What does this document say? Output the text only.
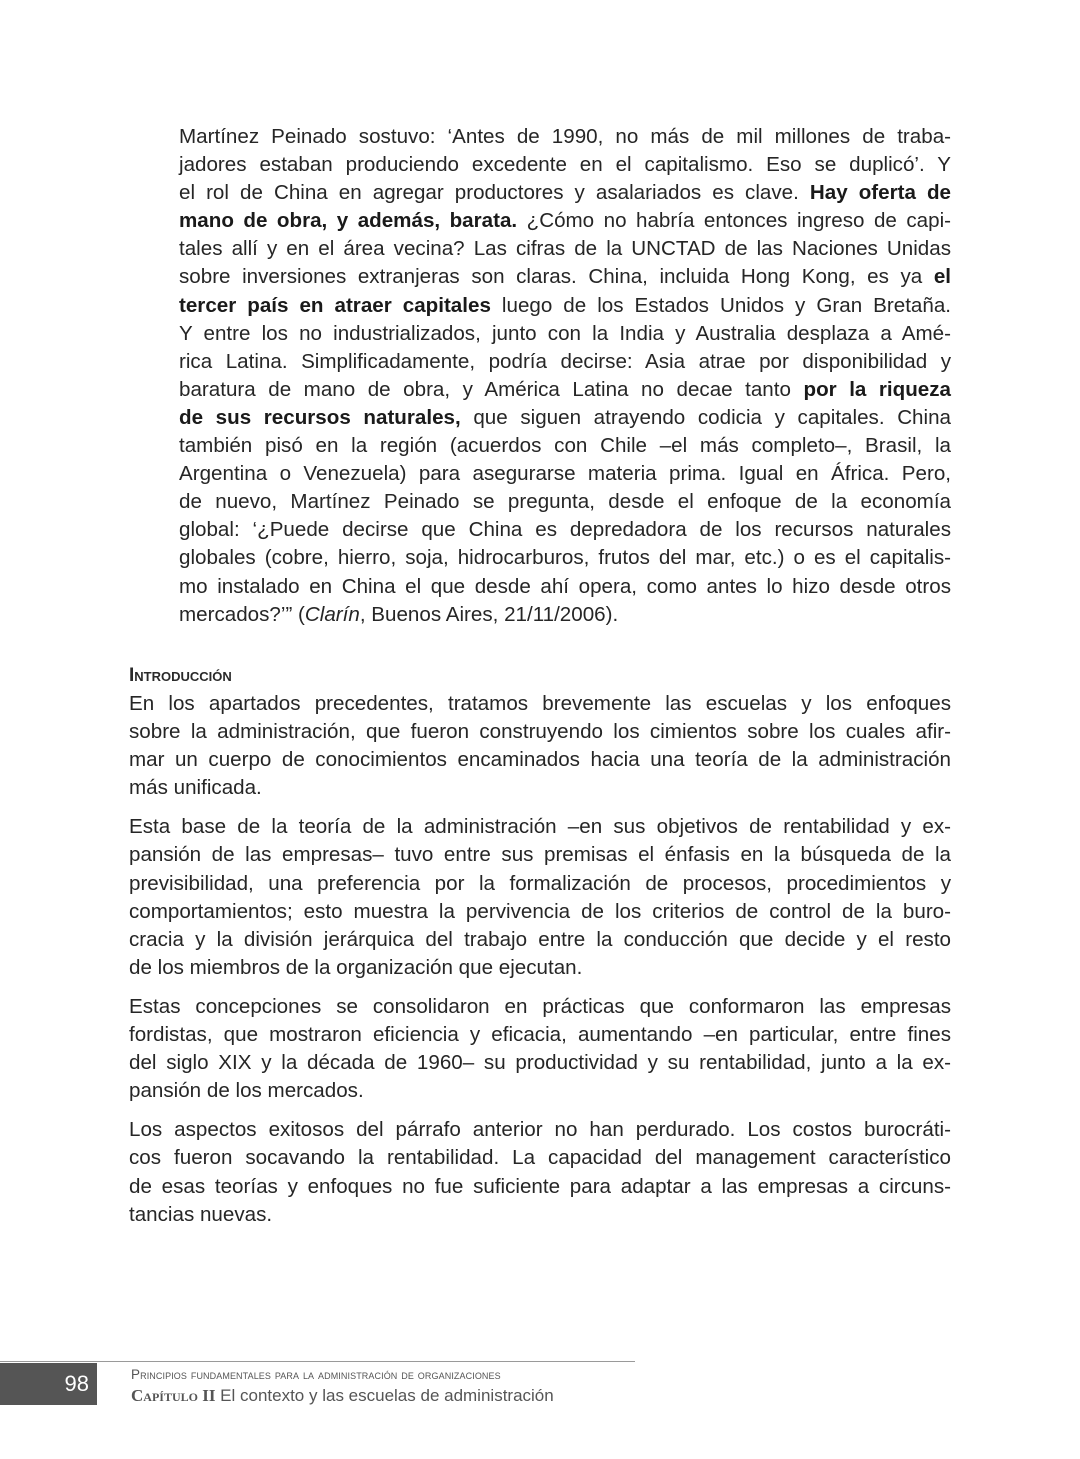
Martínez Peinado sostuvo: ‘Antes de 1990, no más de mil millones de traba-
jadores estaban produciendo excedente en el capitalismo. Eso se duplicó’. Y
el rol de China en agregar productores y asalariados es clave. Hay oferta de
mano de obra, y además, barata. ¿Cómo no habría entonces ingreso de capi-
tales allí y en el área vecina? Las cifras de la UNCTAD de las Naciones Unidas
sobre inversiones extranjeras son claras. China, incluida Hong Kong, es ya el
tercer país en atraer capitales luego de los Estados Unidos y Gran Bretaña.
Y entre los no industrializados, junto con la India y Australia desplaza a Amé-
rica Latina. Simplificadamente, podría decirse: Asia atrae por disponibilidad y
baratura de mano de obra, y América Latina no decae tanto por la riqueza
de sus recursos naturales, que siguen atrayendo codicia y capitales. China
también pisó en la región (acuerdos con Chile –el más completo–, Brasil, la
Argentina o Venezuela) para asegurarse materia prima. Igual en África. Pero,
de nuevo, Martínez Peinado se pregunta, desde el enfoque de la economía
global: ‘¿Puede decirse que China es depredadora de los recursos naturales
globales (cobre, hierro, soja, hidrocarburos, frutos del mar, etc.) o es el capitalis-
mo instalado en China el que desde ahí opera, como antes lo hizo desde otros
mercados?’” (Clarín, Buenos Aires, 21/11/2006).
Introducción
En los apartados precedentes, tratamos brevemente las escuelas y los enfoques
sobre la administración, que fueron construyendo los cimientos sobre los cuales afir-
mar un cuerpo de conocimientos encaminados hacia una teoría de la administración
más unificada.
Esta base de la teoría de la administración –en sus objetivos de rentabilidad y ex-
pansión de las empresas– tuvo entre sus premisas el énfasis en la búsqueda de la
previsibilidad, una preferencia por la formalización de procesos, procedimientos y
comportamientos; esto muestra la pervivencia de los criterios de control de la buro-
cracia y la división jerárquica del trabajo entre la conducción que decide y el resto
de los miembros de la organización que ejecutan.
Estas concepciones se consolidaron en prácticas que conformaron las empresas
fordistas, que mostraron eficiencia y eficacia, aumentando –en particular, entre fines
del siglo XIX y la década de 1960– su productividad y su rentabilidad, junto a la ex-
pansión de los mercados.
Los aspectos exitosos del párrafo anterior no han perdurado. Los costos burocráti-
cos fueron socavando la rentabilidad. La capacidad del management característico
de esas teorías y enfoques no fue suficiente para adaptar a las empresas a circuns-
tancias nuevas.
98	Principios fundamentales para la administración de organizaciones
Capítulo II El contexto y las escuelas de administración
